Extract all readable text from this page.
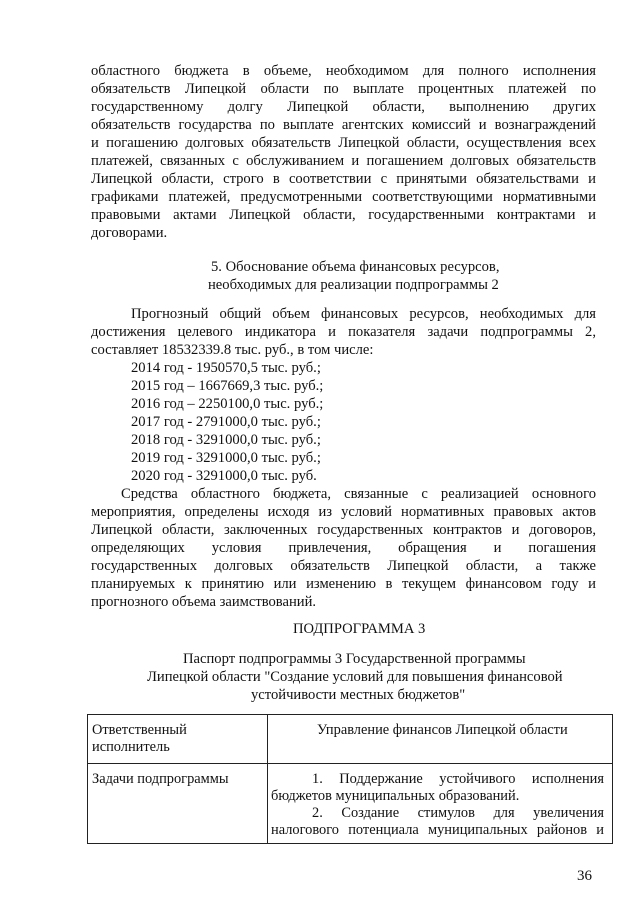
областного бюджета в объеме, необходимом для полного исполнения
обязательств Липецкой области по выплате процентных платежей по
государственному долгу Липецкой области, выполнению других
обязательств государства по выплате агентских комиссий и вознаграждений
и погашению долговых обязательств Липецкой области, осуществления всех
платежей, связанных с обслуживанием и погашением долговых обязательств
Липецкой области, строго в соответствии с принятыми обязательствами и
графиками платежей, предусмотренными соответствующими нормативными
правовыми актами Липецкой области, государственными контрактами и
договорами.
5. Обоснование объема финансовых ресурсов,
необходимых для реализации подпрограммы 2
Прогнозный общий объем финансовых ресурсов, необходимых для
достижения целевого индикатора и показателя задачи подпрограммы 2,
составляет 18532339.8 тыс. руб., в том числе:
2014 год - 1950570,5 тыс. руб.;
2015 год – 1667669,3 тыс. руб.;
2016 год – 2250100,0 тыс. руб.;
2017 год - 2791000,0 тыс. руб.;
2018 год - 3291000,0 тыс. руб.;
2019 год - 3291000,0 тыс. руб.;
2020 год - 3291000,0 тыс. руб.
Средства областного бюджета, связанные с реализацией основного
мероприятия, определены исходя из условий нормативных правовых актов
Липецкой области, заключенных государственных контрактов и договоров,
определяющих условия привлечения, обращения и погашения
государственных долговых обязательств Липецкой области, а также
планируемых к принятию или изменению в текущем финансовом году и
прогнозного объема заимствований.
ПОДПРОГРАММА 3
Паспорт подпрограммы 3 Государственной программы
Липецкой области "Создание условий для повышения финансовой
устойчивости местных бюджетов"
Ответственный
исполнитель
Управление финансов Липецкой области
Задачи подпрограммы	1. Поддержание устойчивого исполнения
бюджетов муниципальных образований.
2. Создание стимулов для увеличения
налогового потенциала муниципальных районов и
36
